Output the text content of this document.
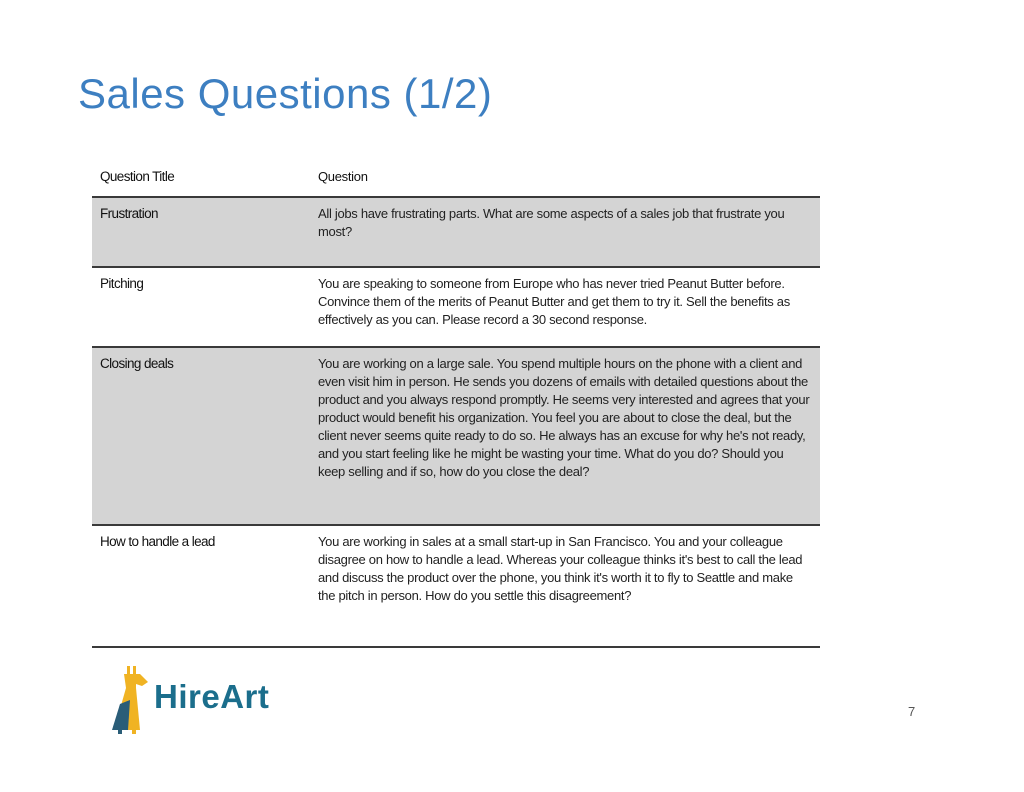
Sales Questions (1/2)
Question Title	Question
Frustration	All jobs have frustrating parts. What are some aspects of a sales job that frustrate you most?
Pitching	You are speaking to someone from Europe who has never tried Peanut Butter before. Convince them of the merits of Peanut Butter and get them to try it. Sell the benefits as effectively as you can. Please record a 30 second response.
Closing deals	You are working on a large sale. You spend multiple hours on the phone with a client and even visit him in person. He sends you dozens of emails with detailed questions about the product and you always respond promptly. He seems very interested and agrees that your product would benefit his organization. You feel you are about to close the deal, but the client never seems quite ready to do so. He always has an excuse for why he's not ready, and you start feeling like he might be wasting your time. What do you do? Should you keep selling and if so, how do you close the deal?
How to handle a lead	You are working in sales at a small start-up in San Francisco. You and your colleague disagree on how to handle a lead. Whereas your colleague thinks it's best to call the lead and discuss the product over the phone, you think it's worth it to fly to Seattle and make the pitch in person. How do you settle this disagreement?
HireArt	7
